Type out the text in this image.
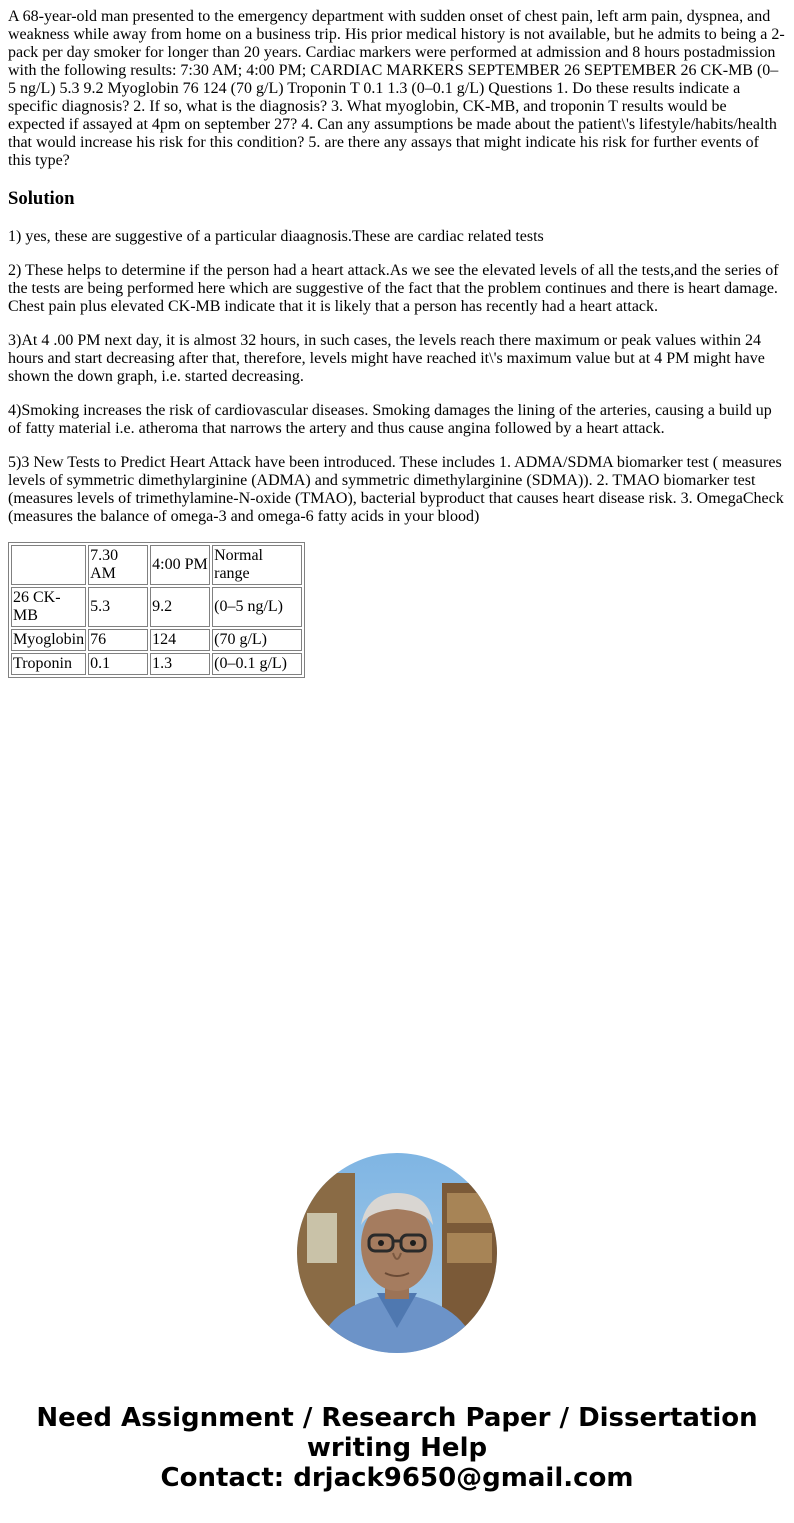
A 68-year-old man presented to the emergency department with sudden onset of chest pain, left arm pain, dyspnea, and weakness while away from home on a business trip. His prior medical history is not available, but he admits to being a 2-pack per day smoker for longer than 20 years. Cardiac markers were performed at admission and 8 hours postadmission with the following results: 7:30 AM; 4:00 PM; CARDIAC MARKERS SEPTEMBER 26 SEPTEMBER 26 CK-MB (0–5 ng/L) 5.3 9.2 Myoglobin 76 124 (70 g/L) Troponin T 0.1 1.3 (0–0.1 g/L) Questions 1. Do these results indicate a specific diagnosis? 2. If so, what is the diagnosis? 3. What myoglobin, CK-MB, and troponin T results would be expected if assayed at 4pm on september 27? 4. Can any assumptions be made about the patient\'s lifestyle/habits/health that would increase his risk for this condition? 5. are there any assays that might indicate his risk for further events of this type?

Solution

1) yes, these are suggestive of a particular diaagnosis.These are cardiac related tests

2) These helps to determine if the person had a heart attack.As we see the elevated levels of all the tests,and the series of the tests are being performed here which are suggestive of the fact that the problem continues and there is heart damage. Chest pain plus elevated CK-MB indicate that it is likely that a person has recently had a heart attack.

3)At 4 .00 PM next day, it is almost 32 hours, in such cases, the levels reach there maximum or peak values within 24 hours and start decreasing after that, therefore, levels might have reached it\'s maximum value but at 4 PM might have shown the down graph, i.e. started decreasing.

4)Smoking increases the risk of cardiovascular diseases. Smoking damages the lining of the arteries, causing a build up of fatty material i.e. atheroma that narrows the artery and thus cause angina followed by a heart attack.

5)3 New Tests to Predict Heart Attack have been introduced. These includes 1. ADMA/SDMA biomarker test ( measures levels of symmetric dimethylarginine (ADMA) and symmetric dimethylarginine (SDMA)). 2. TMAO biomarker test (measures levels of trimethylamine-N-oxide (TMAO), bacterial byproduct that causes heart disease risk. 3. OmegaCheck (measures the balance of omega-3 and omega-6 fatty acids in your blood)

	7.30 AM	4:00 PM	Normal range
26 CK-MB	5.3	9.2	(0–5 ng/L)
Myoglobin	76	124	(70 g/L)
Troponin	0.1	1.3	(0–0.1 g/L)
Need Assignment / Research Paper / Dissertation
writing Help
Contact: drjack9650@gmail.com
